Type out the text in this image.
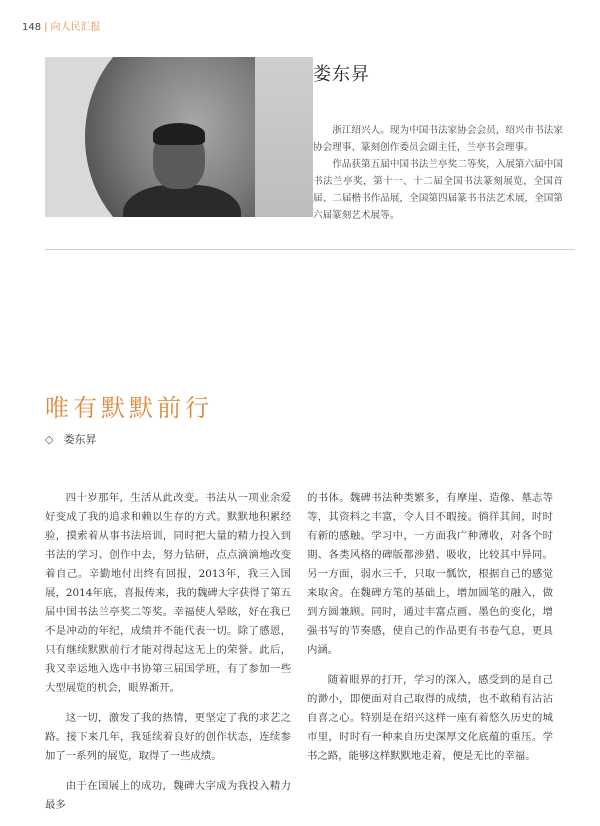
148 | 向人民汇报
娄东昇

浙江绍兴人。现为中国书法家协会会员，绍兴市书法家协会理事、篆刻创作委员会副主任，兰亭书会理事。

作品获第五届中国书法兰亭奖二等奖，入展第六届中国书法兰亭奖，第十一、十二届全国书法篆刻展览，全国首届、二届楷书作品展，全国第四届篆书书法艺术展，全国第六届篆刻艺术展等。

唯有默默前行
◇ 娄东昇

四十岁那年，生活从此改变。书法从一项业余爱好变成了我的追求和赖以生存的方式。默默地积累经验，摸索着从事书法培训，同时把大量的精力投入到书法的学习、创作中去，努力钻研，点点滴滴地改变着自己。辛勤地付出终有回报，2013年，我三入国展，2014年底，喜报传来，我的魏碑大字获得了第五届中国书法兰亭奖二等奖。幸福使人晕眩，好在我已不是冲动的年纪，成绩并不能代表一切。除了感恩，只有继续默默前行才能对得起这无上的荣誉。此后，我又幸运地入选中书协第三届国学班，有了参加一些大型展览的机会，眼界渐开。

这一切，激发了我的热情，更坚定了我的求艺之路。接下来几年，我延续着良好的创作状态，连续参加了一系列的展览，取得了一些成绩。

由于在国展上的成功，魏碑大字成为我投入精力最多

的书体。魏碑书法种类繁多，有摩崖、造像、墓志等等，其资料之丰富，令人目不暇接。徜徉其间，时时有新的感触。学习中，一方面我广种薄收，对各个时期、各类风格的碑版都涉猎、吸收，比较其中异同。另一方面，弱水三千，只取一瓢饮，根据自己的感觉来取舍。在魏碑方笔的基础上，增加圆笔的融入，做到方圆兼顾。同时，通过丰富点画、墨色的变化，增强书写的节奏感，使自己的作品更有书卷气息，更具内涵。

随着眼界的打开，学习的深入，感受到的是自己的渺小，即便面对自己取得的成绩，也不敢稍有沾沾自喜之心。特别是在绍兴这样一座有着悠久历史的城市里，时时有一种来自历史深厚文化底蕴的重压。学书之路，能够这样默默地走着，便是无比的幸福。
